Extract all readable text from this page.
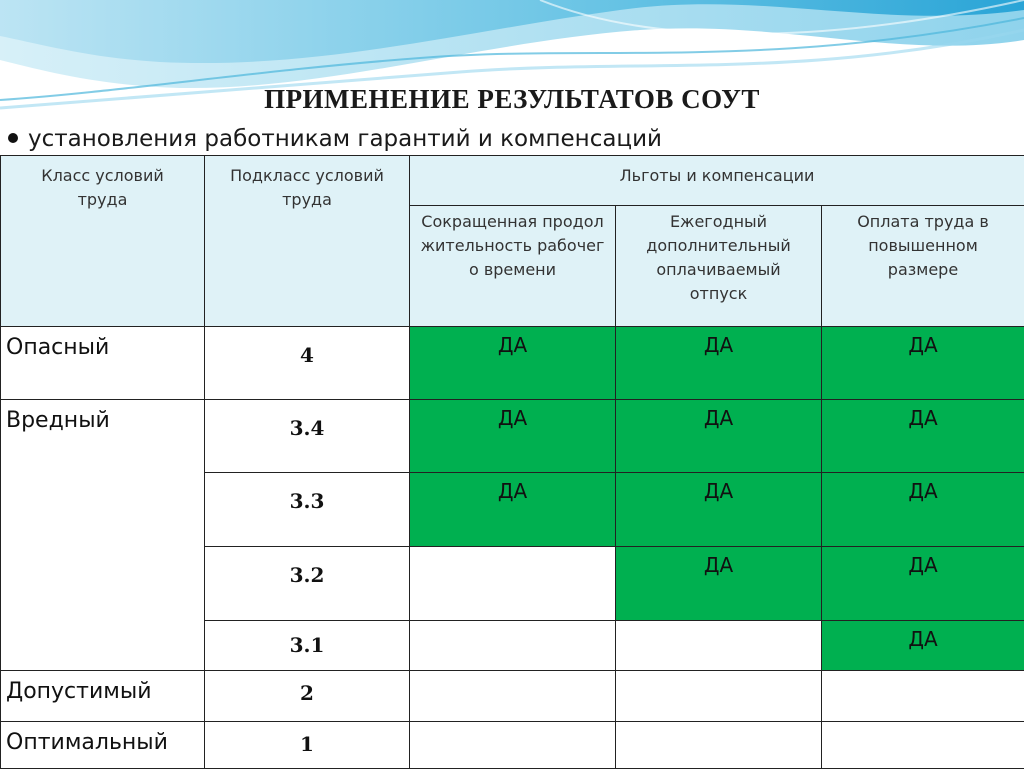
ПРИМЕНЕНИЕ РЕЗУЛЬТАТОВ СОУТ
установления работникам гарантий и компенсаций
Класс условий труда	Подкласс условий труда	Льготы и компенсации		

		Сокращенная продолжительность рабочего времени	Ежегодный дополнительный оплачиваемый отпуск	Оплата труда в повышенном размере

Опасный	4	ДА	ДА	ДА
Вредный	3.4	ДА	ДА	ДА
	3.3	ДА	ДА	ДА
	3.2		ДА	ДА
	3.1			ДА
Допустимый	2			
Оптимальный	1			
